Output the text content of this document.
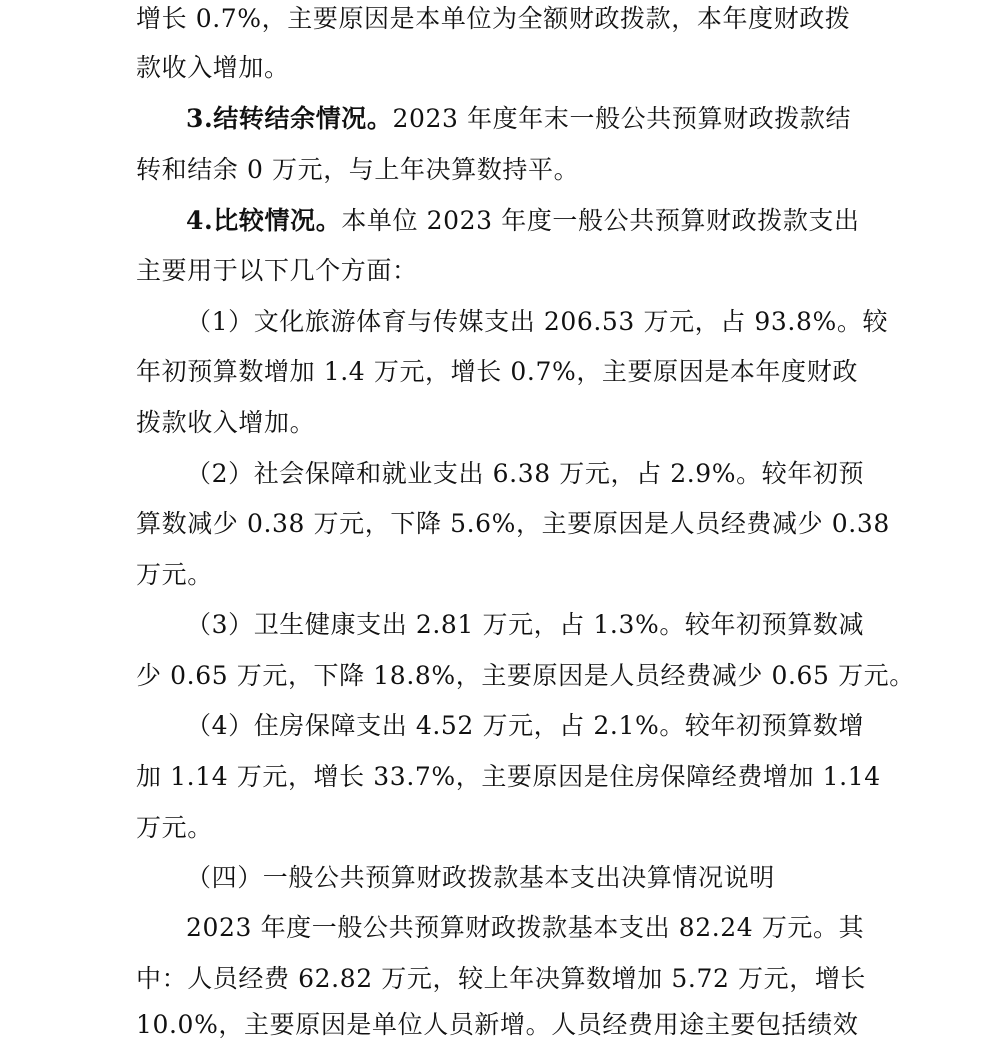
增长 0.7%，主要原因是本单位为全额财政拨款，本年度财政拨
款收入增加。
3.结转结余情况。2023 年度年末一般公共预算财政拨款结
转和结余 0 万元，与上年决算数持平。
4.比较情况。本单位 2023 年度一般公共预算财政拨款支出
主要用于以下几个方面：
（1）文化旅游体育与传媒支出 206.53 万元，占 93.8%。较
年初预算数增加 1.4 万元，增长 0.7%，主要原因是本年度财政
拨款收入增加。
（2）社会保障和就业支出 6.38 万元，占 2.9%。较年初预
算数减少 0.38 万元，下降 5.6%，主要原因是人员经费减少 0.38
万元。
（3）卫生健康支出 2.81 万元，占 1.3%。较年初预算数减
少 0.65 万元，下降 18.8%，主要原因是人员经费减少 0.65 万元。
（4）住房保障支出 4.52 万元，占 2.1%。较年初预算数增
加 1.14 万元，增长 33.7%，主要原因是住房保障经费增加 1.14
万元。
（四）一般公共预算财政拨款基本支出决算情况说明
2023 年度一般公共预算财政拨款基本支出 82.24 万元。其
中：人员经费 62.82 万元，较上年决算数增加 5.72 万元，增长
10.0%，主要原因是单位人员新增。人员经费用途主要包括绩效
